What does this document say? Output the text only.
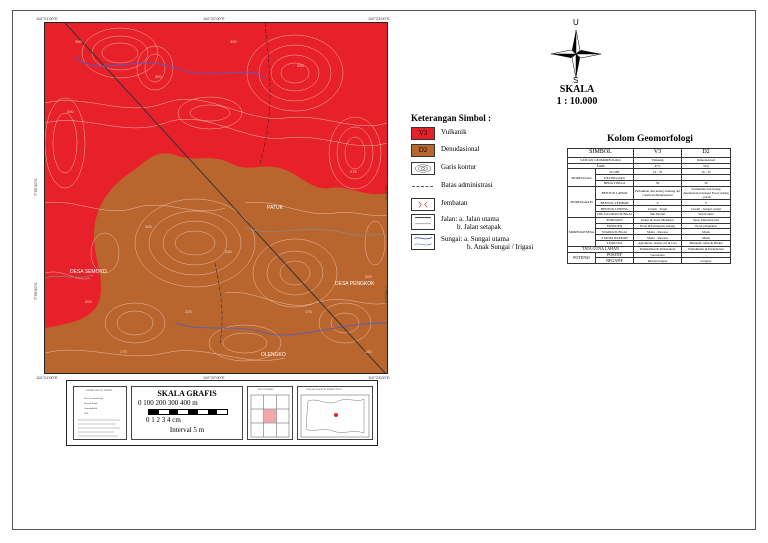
DESA SEMOYO
DESA PENGKOK
PATUK
OLENGKO
250	300
350
300
200
275
325
250
200
175
150
225
175
200
110°21'00"E	110°22'00"E	110°23'00"E
110°21'00"E	110°22'00"E	110°23'00"E
7°55'30"S
7°56'00"S
7°55'30"S
7°56'00"S
U
S
SKALA
1 : 10.000
Keterangan Simbol :
V3	Vulkanik
D2	Denudasional
Garis kontur
Batas administrasi
Jembatan
Jalan: a. Jalan utama
b. Jalan setapak
Sungai: a. Sungai utama
b. Anak Sungai / Irigasi
Kolom Geomorfologi
SIMBOL		V3	D2
SATUAN GEOMORFOLOGI		Vulkanik	Denudasional
Luas		47%	53%
MORFOLOGI	SLOPE	14 - 35	16 - 35
	KETINGGIAN		
	BEDA TINGGI	50	50
MORFOGRAFI	BENTUK LAHAN	Perbukitan dan lereng Gunung api curam terdenudasional	Perbukitan dan lereng denudasional dengan Erosi sedang - parah
	BENTUK LEMBAH	V	V
	BENTUK LERENG	Curam - Terjal	Curam - Sangat curam
	POLA ALIRAN SUNGAI	Sub Paralel	Sub Paralel
MORFOGENESA	ENDOGEN	Kekar & Sesar Mendatar	Sesar Mendatar kiri
	EKSOGEN	Erosi & Pelapukan sedang	Erosi pelapukan
	STADIA SUNGAI	Muda - Dewasa	Muda
	STADIA DAERAH	Muda - Dewasa	Muda
	LITOLOGI	Aglomerat, breksi, tuf & lava	Batupasir tufan & Breksi
TATA GUNA LAHAN		Pemukiman & Perkebunan	Pemukiman & Perkebunan
POTENSI	POSITIF	Geowisata	-
	NEGATIF	Rawan longsor	Longsor
KETERANGAN UMUM
Peta Geomorfologi
Daerah Patuk
Gunungkidul
DIY
SKALA GRAFIS
0 100 200 300 400 m
0 1 2 3 4 cm
Interval 5 m
PETA INDEKS	LOKASI DAERAH PENELITIAN
